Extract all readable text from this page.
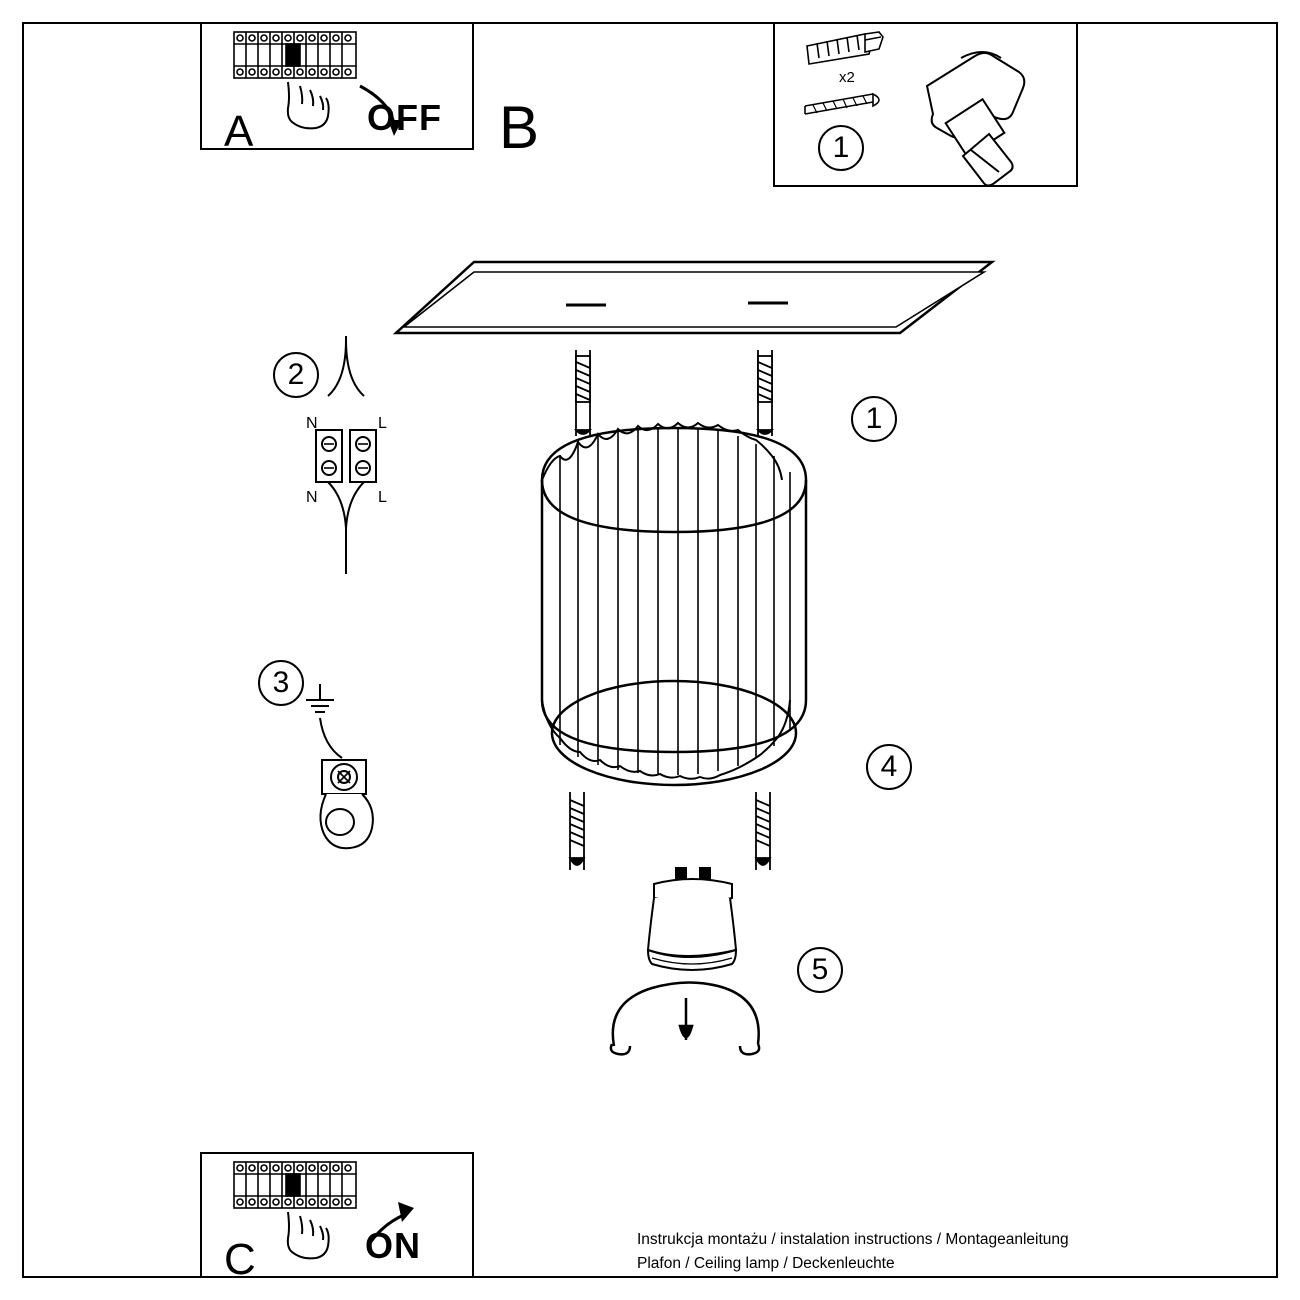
A	OFF B
x2
1
1
4
5
2
N	L
N	L
3
C	ON	Instrukcja montażu / instalation instructions / Montageanleitung
Plafon / Ceiling lamp / Deckenleuchte
